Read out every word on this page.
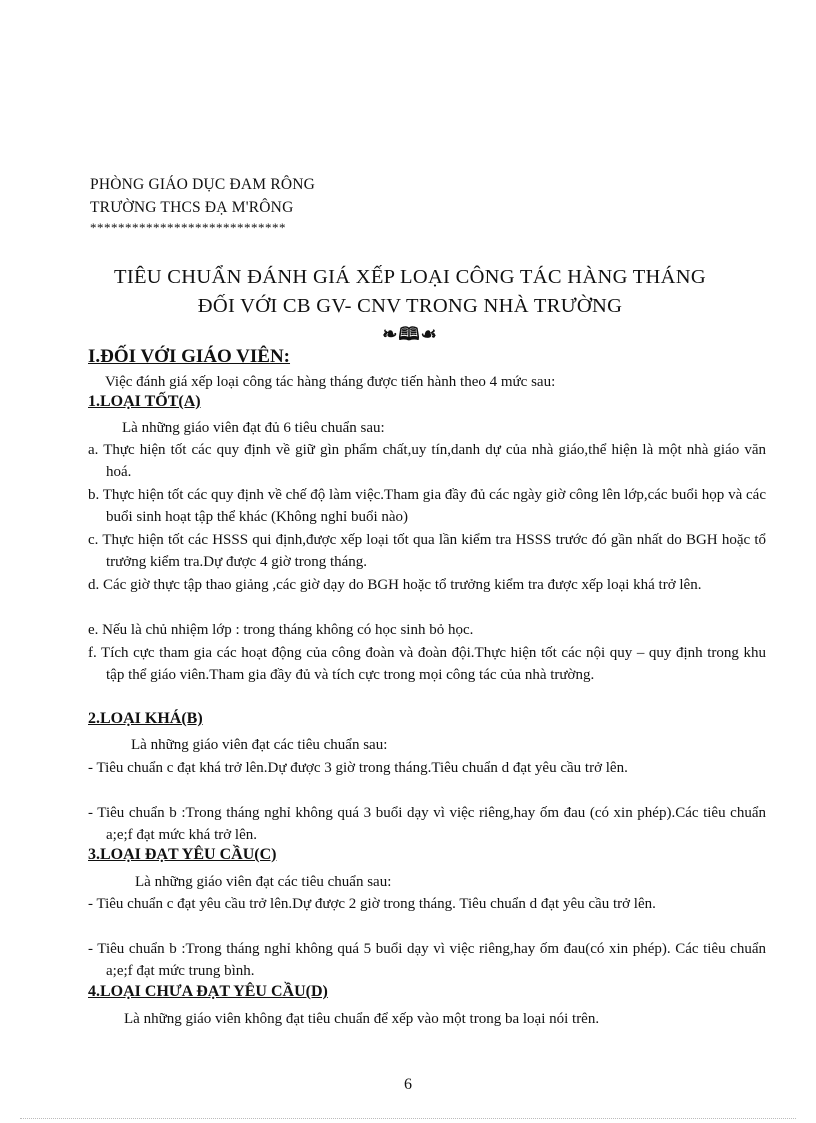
PHÒNG GIÁO DỤC ĐAM RÔNG
TRƯỜNG THCS ĐẠ M'RÔNG
****************************
TIÊU CHUẨN ĐÁNH GIÁ XẾP LOẠI CÔNG TÁC HÀNG THÁNG
ĐỐI VỚI CB GV- CNV TRONG NHÀ TRƯỜNG
❧🕮☙
I.ĐỐI VỚI GIÁO VIÊN:
Việc đánh giá xếp loại công tác hàng tháng được tiến hành theo 4 mức sau:
1.LOẠI TỐT(A)
Là những giáo viên đạt đủ 6 tiêu chuẩn sau:
a. Thực hiện tốt các quy định về giữ gìn phẩm chất,uy tín,danh dự của nhà giáo,thể hiện là một nhà giáo văn hoá.
b. Thực hiện tốt các quy định về chế độ làm việc.Tham gia đầy đủ các ngày giờ công lên lớp,các buổi họp và các buổi sinh hoạt tập thể khác (Không nghỉ buổi nào)
c. Thực hiện tốt các HSSS qui định,được xếp loại tốt qua lần kiểm tra HSSS trước đó gần nhất do BGH hoặc tổ trưởng kiểm tra.Dự được 4 giờ trong tháng.
d. Các giờ thực tập thao giảng ,các giờ dạy do BGH hoặc tổ trưởng kiểm tra được xếp loại khá trở lên.
e. Nếu là chủ nhiệm lớp : trong tháng không có học sinh bỏ học.
f. Tích cực tham gia các hoạt động của công đoàn và đoàn đội.Thực hiện tốt các nội quy – quy định trong khu tập thể giáo viên.Tham gia đầy đủ và tích cực trong mọi công tác của nhà trường.
2.LOẠI KHÁ(B)
Là những giáo viên đạt các tiêu chuẩn sau:
- Tiêu chuẩn c đạt khá trở lên.Dự được 3 giờ trong tháng.Tiêu chuẩn d đạt yêu cầu trở lên.
- Tiêu chuẩn b :Trong tháng nghỉ không quá 3 buổi dạy vì việc riêng,hay ốm đau (có xin phép).Các tiêu chuẩn a;e;f đạt mức khá trở lên.
3.LOẠI ĐẠT YÊU CẦU(C)
Là những giáo viên đạt các tiêu chuẩn sau:
- Tiêu chuẩn c đạt yêu cầu trở lên.Dự được 2 giờ trong tháng. Tiêu chuẩn d đạt yêu cầu trở lên.
- Tiêu chuẩn b :Trong tháng nghỉ không quá 5 buổi dạy vì việc riêng,hay ốm đau(có xin phép). Các tiêu chuẩn a;e;f đạt mức trung bình.
4.LOẠI CHƯA ĐẠT YÊU CẦU(D)
Là những giáo viên không đạt tiêu chuẩn để xếp vào một trong ba loại nói trên.
6
